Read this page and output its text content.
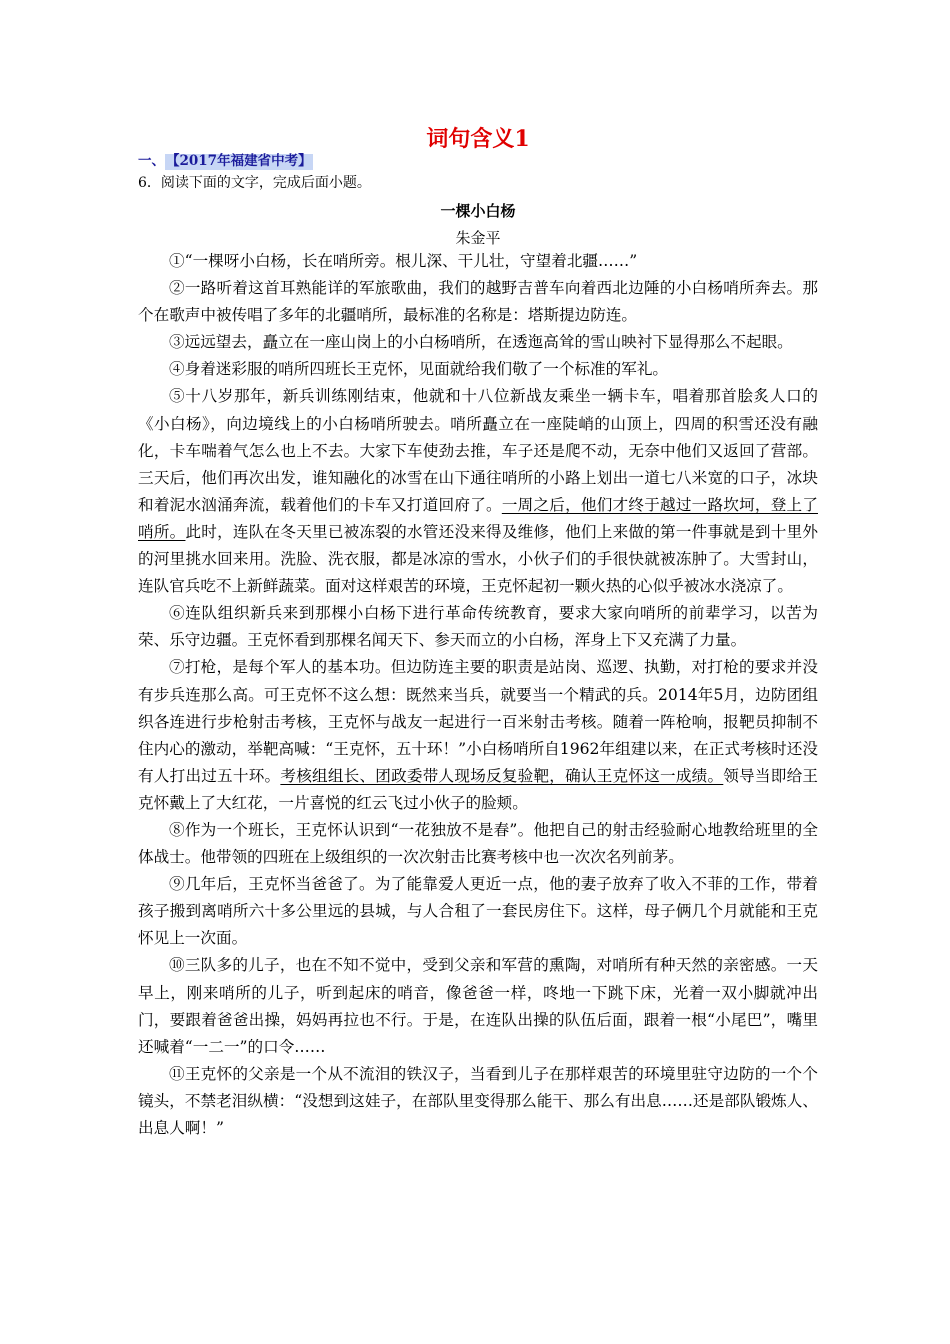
词句含义1
一、【2017年福建省中考】
6．阅读下面的文字，完成后面小题。
一棵小白杨
朱金平

①“一棵呀小白杨，长在哨所旁。根儿深、干儿壮，守望着北疆……”

②一路听着这首耳熟能详的军旅歌曲，我们的越野吉普车向着西北边陲的小白杨哨所奔去。那个在歌声中被传唱了多年的北疆哨所，最标准的名称是：塔斯提边防连。

③远远望去，矗立在一座山岗上的小白杨哨所，在透迤高耸的雪山映衬下显得那么不起眼。

④身着迷彩服的哨所四班长王克怀，见面就给我们敬了一个标准的军礼。

⑤十八岁那年，新兵训练刚结束，他就和十八位新战友乘坐一辆卡车，唱着那首脍炙人口的《小白杨》，向边境线上的小白杨哨所驶去。哨所矗立在一座陡峭的山顶上，四周的积雪还没有融化，卡车喘着气怎么也上不去。大家下车使劲去推，车子还是爬不动，无奈中他们又返回了营部。三天后，他们再次出发，谁知融化的冰雪在山下通往哨所的小路上划出一道七八米宽的口子，冰块和着泥水汹涌奔流，载着他们的卡车又打道回府了。一周之后，他们才终于越过一路坎坷，登上了哨所。此时，连队在冬天里已被冻裂的水管还没来得及维修，他们上来做的第一件事就是到十里外的河里挑水回来用。洗脸、洗衣服，都是冰凉的雪水，小伙子们的手很快就被冻肿了。大雪封山，连队官兵吃不上新鲜蔬菜。面对这样艰苦的环境，王克怀起初一颗火热的心似乎被冰水浇凉了。

⑥连队组织新兵来到那棵小白杨下进行革命传统教育，要求大家向哨所的前辈学习，以苦为荣、乐守边疆。王克怀看到那棵名闻天下、参天而立的小白杨，浑身上下又充满了力量。

⑦打枪，是每个军人的基本功。但边防连主要的职责是站岗、巡逻、执勤，对打枪的要求并没有步兵连那么高。可王克怀不这么想：既然来当兵，就要当一个精武的兵。2014年5月，边防团组织各连进行步枪射击考核，王克怀与战友一起进行一百米射击考核。随着一阵枪响，报靶员抑制不住内心的激动，举靶高喊：“王克怀，五十环！”小白杨哨所自1962年组建以来，在正式考核时还没有人打出过五十环。考核组组长、团政委带人现场反复验靶，确认王克怀这一成绩。领导当即给王克怀戴上了大红花，一片喜悦的红云飞过小伙子的脸颊。

⑧作为一个班长，王克怀认识到“一花独放不是春”。他把自己的射击经验耐心地教给班里的全体战士。他带领的四班在上级组织的一次次射击比赛考核中也一次次名列前茅。

⑨几年后，王克怀当爸爸了。为了能靠爱人更近一点，他的妻子放弃了收入不菲的工作，带着孩子搬到离哨所六十多公里远的县城，与人合租了一套民房住下。这样，母子俩几个月就能和王克怀见上一次面。

⑩三队多的儿子，也在不知不觉中，受到父亲和军营的熏陶，对哨所有种天然的亲密感。一天早上，刚来哨所的儿子，听到起床的哨音，像爸爸一样，咚地一下跳下床，光着一双小脚就冲出门，要跟着爸爸出操，妈妈再拉也不行。于是，在连队出操的队伍后面，跟着一根“小尾巴”，嘴里还喊着“一二一”的口令……

⑪王克怀的父亲是一个从不流泪的铁汉子，当看到儿子在那样艰苦的环境里驻守边防的一个个镜头，不禁老泪纵横：“没想到这娃子，在部队里变得那么能干、那么有出息……还是部队锻炼人、出息人啊！”
